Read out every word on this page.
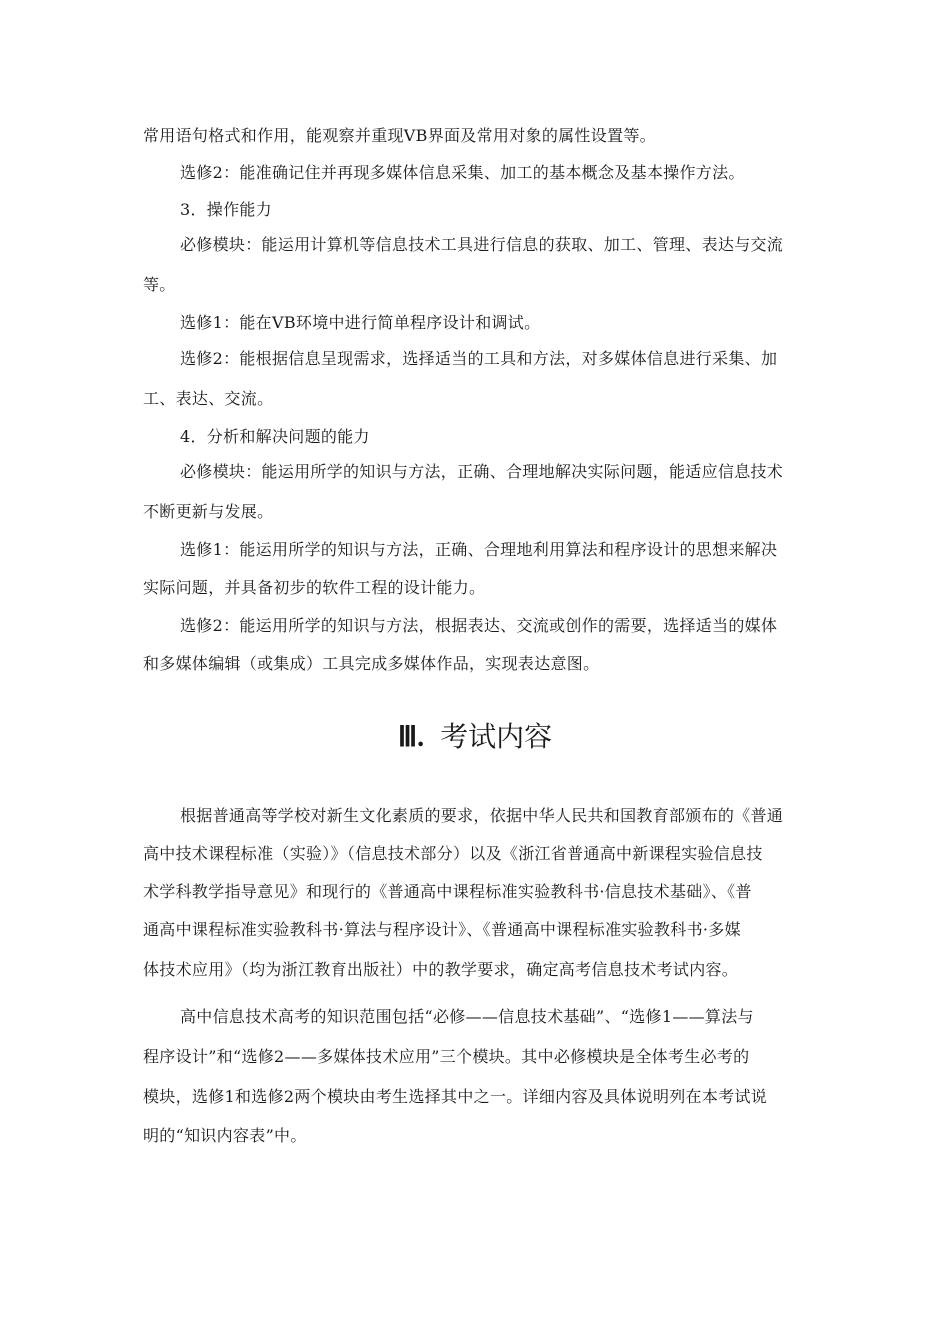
常用语句格式和作用，能观察并重现VB界面及常用对象的属性设置等。
选修2：能准确记住并再现多媒体信息采集、加工的基本概念及基本操作方法。
3．操作能力
必修模块：能运用计算机等信息技术工具进行信息的获取、加工、管理、表达与交流
等。
选修1：能在VB环境中进行简单程序设计和调试。
选修2：能根据信息呈现需求，选择适当的工具和方法，对多媒体信息进行采集、加
工、表达、交流。
4．分析和解决问题的能力
必修模块：能运用所学的知识与方法，正确、合理地解决实际问题，能适应信息技术
不断更新与发展。
选修1：能运用所学的知识与方法，正确、合理地利用算法和程序设计的思想来解决
实际问题，并具备初步的软件工程的设计能力。
选修2：能运用所学的知识与方法，根据表达、交流或创作的需要，选择适当的媒体
和多媒体编辑（或集成）工具完成多媒体作品，实现表达意图。
Ⅲ. 考试内容
根据普通高等学校对新生文化素质的要求，依据中华人民共和国教育部颁布的《普通
高中技术课程标准（实验）》（信息技术部分）以及《浙江省普通高中新课程实验信息技
术学科教学指导意见》和现行的《普通高中课程标准实验教科书·信息技术基础》、《普
通高中课程标准实验教科书·算法与程序设计》、《普通高中课程标准实验教科书·多媒
体技术应用》（均为浙江教育出版社）中的教学要求，确定高考信息技术考试内容。
高中信息技术高考的知识范围包括“必修——信息技术基础”、“选修1——算法与
程序设计”和“选修2——多媒体技术应用”三个模块。其中必修模块是全体考生必考的
模块，选修1和选修2两个模块由考生选择其中之一。详细内容及具体说明列在本考试说
明的“知识内容表”中。
